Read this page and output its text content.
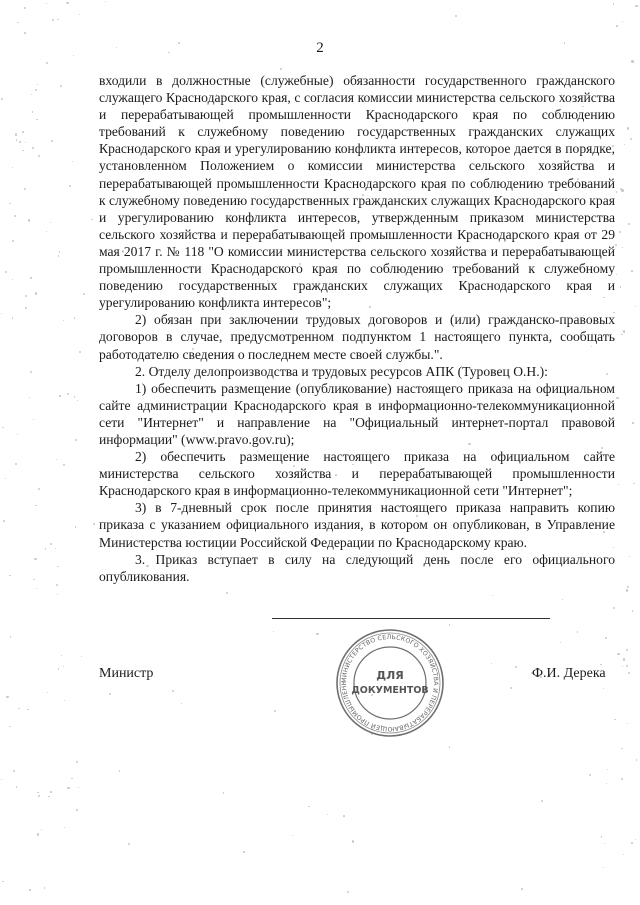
2

входили в должностные (служебные) обязанности государственного гражданского служащего Краснодарского края, с согласия комиссии министерства сельского хозяйства и перерабатывающей промышленности Краснодарского края по соблюдению требований к служебному поведению государственных гражданских служащих Краснодарского края и урегулированию конфликта интересов, которое дается в порядке, установленном Положением о комиссии министерства сельского хозяйства и перерабатывающей промышленности Краснодарского края по соблюдению требований к служебному поведению государственных гражданских служащих Краснодарского края и урегулированию конфликта интересов, утвержденным приказом министерства сельского хозяйства и перерабатывающей промышленности Краснодарского края от 29 мая 2017 г. № 118 "О комиссии министерства сельского хозяйства и перерабатывающей промышленности Краснодарского края по соблюдению требований к служебному поведению государственных гражданских служащих Краснодарского края и урегулированию конфликта интересов";

2) обязан при заключении трудовых договоров и (или) гражданско-правовых договоров в случае, предусмотренном подпунктом 1 настоящего пункта, сообщать работодателю сведения о последнем месте своей службы.".

2. Отделу делопроизводства и трудовых ресурсов АПК (Туровец О.Н.):

1) обеспечить размещение (опубликование) настоящего приказа на официальном сайте администрации Краснодарского края в информационно-телекоммуникационной сети "Интернет" и направление на "Официальный интернет-портал правовой информации" (www.pravo.gov.ru);

2) обеспечить размещение настоящего приказа на официальном сайте министерства сельского хозяйства и перерабатывающей промышленности Краснодарского края в информационно-телекоммуникационной сети "Интернет";

3) в 7-дневный срок после принятия настоящего приказа направить копию приказа с указанием официального издания, в котором он опубликован, в Управление Министерства юстиции Российской Федерации по Краснодарскому краю.

3. Приказ вступает в силу на следующий день после его официального опубликования.

МИНИСТЕРСТВО СЕЛЬСКОГО ХОЗЯЙСТВА И ПЕРЕРАБАТЫВАЮЩЕЙ ПРОМЫШЛЕНН
ДЛЯ
ДОКУМЕНТОВ
Министр	Ф.И. Дерека
